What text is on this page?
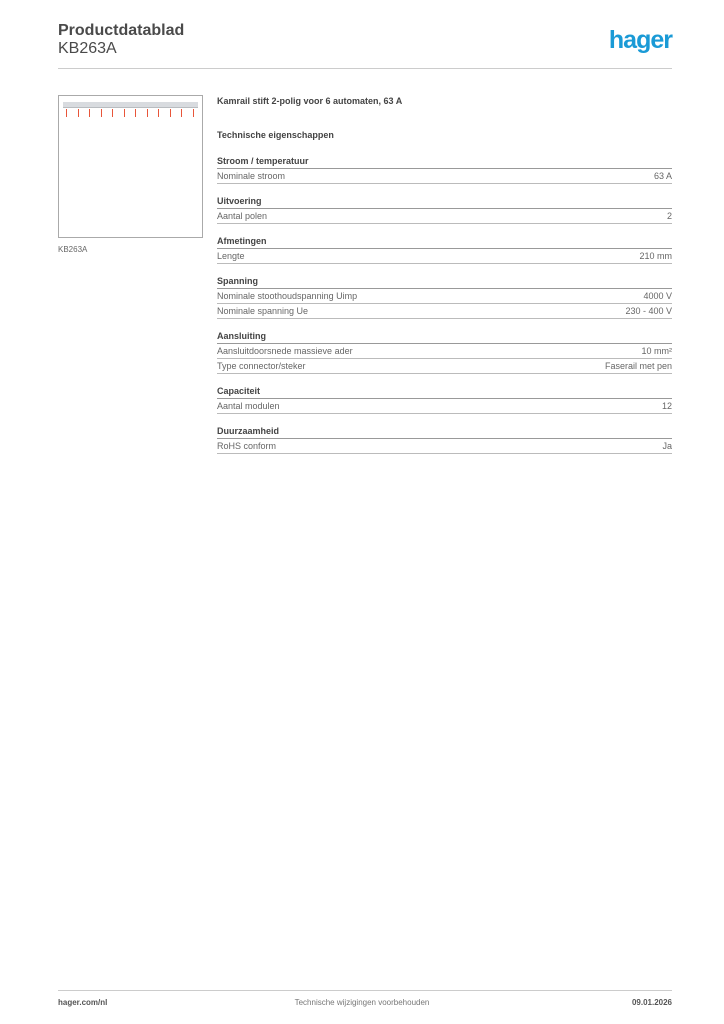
Productdatablad
KB263A	hager
KB263A
Kamrail stift 2-polig voor 6 automaten, 63 A
Technische eigenschappen
Stroom / temperatuur
Nominale stroom	63 A
Uitvoering
Aantal polen	2
Afmetingen
Lengte	210 mm
Spanning
Nominale stoothoudspanning Uimp	4000 V
Nominale spanning Ue	230 - 400 V
Aansluiting
Aansluitdoorsnede massieve ader	10 mm²
Type connector/steker	Faserail met pen
Capaciteit
Aantal modulen	12
Duurzaamheid
RoHS conform	Ja
hager.com/nl	Technische wijzigingen voorbehouden	09.01.2026
